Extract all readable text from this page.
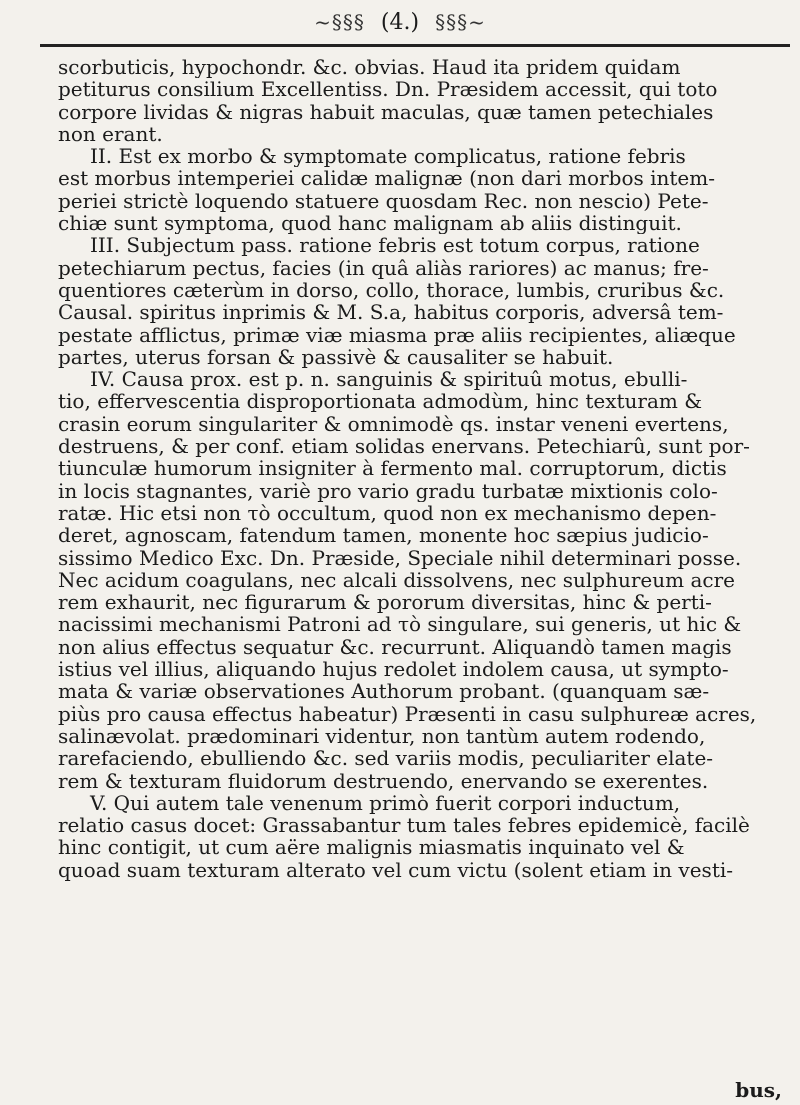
~§§§ (4.) §§§~
scorbuticis, hypochondr. &c. obvias. Haud ita pridem quidam
petiturus consilium Excellentiss. Dn. Præsidem accessit, qui toto
corpore lividas & nigras habuit maculas, quæ tamen petechiales
non erant.
II. Est ex morbo & symptomate complicatus, ratione febris
est morbus intemperiei calidæ malignæ (non dari morbos intem-
periei strictè loquendo statuere quosdam Rec. non nescio) Pete-
chiæ sunt symptoma, quod hanc malignam ab aliis distinguit.
III. Subjectum pass. ratione febris est totum corpus, ratione
petechiarum pectus, facies (in quâ aliàs rariores) ac manus; fre-
quentiores cæterùm in dorso, collo, thorace, lumbis, cruribus &c.
Causal. spiritus inprimis & M. S.a, habitus corporis, adversâ tem-
pestate afflictus, primæ viæ miasma præ aliis recipientes, aliæque
partes, uterus forsan & passivè & causaliter se habuit.
IV. Causa prox. est p. n. sanguinis & spirituû motus, ebulli-
tio, effervescentia disproportionata admodùm, hinc texturam &
crasin eorum singulariter & omnimodè qs. instar veneni evertens,
destruens, & per conf. etiam solidas enervans. Petechiarû, sunt por-
tiunculæ humorum insigniter à fermento mal. corruptorum, dictis
in locis stagnantes, variè pro vario gradu turbatæ mixtionis colo-
ratæ. Hic etsi non τὸ occultum, quod non ex mechanismo depen-
deret, agnoscam, fatendum tamen, monente hoc sæpius judicio-
sissimo Medico Exc. Dn. Præside, Speciale nihil determinari posse.
Nec acidum coagulans, nec alcali dissolvens, nec sulphureum acre
rem exhaurit, nec figurarum & pororum diversitas, hinc & perti-
nacissimi mechanismi Patroni ad τὸ singulare, sui generis, ut hic &
non alius effectus sequatur &c. recurrunt. Aliquandò tamen magis
istius vel illius, aliquando hujus redolet indolem causa, ut sympto-
mata & variæ observationes Authorum probant. (quanquam sæ-
piùs pro causa effectus habeatur) Præsenti in casu sulphureæ acres,
salinævolat. prædominari videntur, non tantùm autem rodendo,
rarefaciendo, ebulliendo &c. sed variis modis, peculiariter elate-
rem & texturam fluidorum destruendo, enervando se exerentes.
V. Qui autem tale venenum primò fuerit corpori inductum,
relatio casus docet: Grassabantur tum tales febres epidemicè, facilè
hinc contigit, ut cum aëre malignis miasmatis inquinato vel &
quoad suam texturam alterato vel cum victu (solent etiam in vesti-
bus,
